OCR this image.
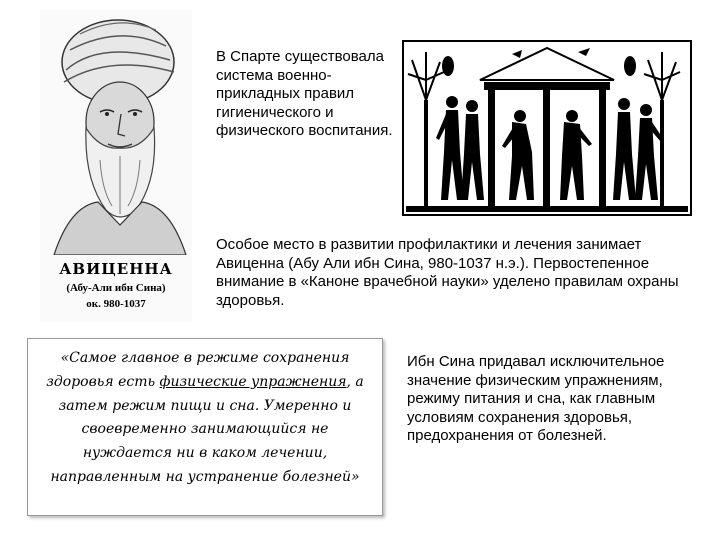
АВИЦЕННА
(Абу-Али ибн Сина)
ок. 980-1037
В Спарте существовала система военно-прикладных правил гигиенического и физического воспитания.
Особое место в развитии профилактики и лечения занимает Авиценна (Абу Али ибн Сина, 980-1037 н.э.). Первостепенное внимание в «Каноне врачебной науки» уделено правилам охраны здоровья.
«Самое главное в режиме сохранения здоровья есть физические упражнения, а затем режим пищи и сна. Умеренно и своевременно занимающийся не нуждается ни в каком лечении, направленным на устранение болезней»
Ибн Сина придавал исключительное значение физическим упражнениям, режиму питания и сна, как главным условиям сохранения здоровья, предохранения от болезней.
